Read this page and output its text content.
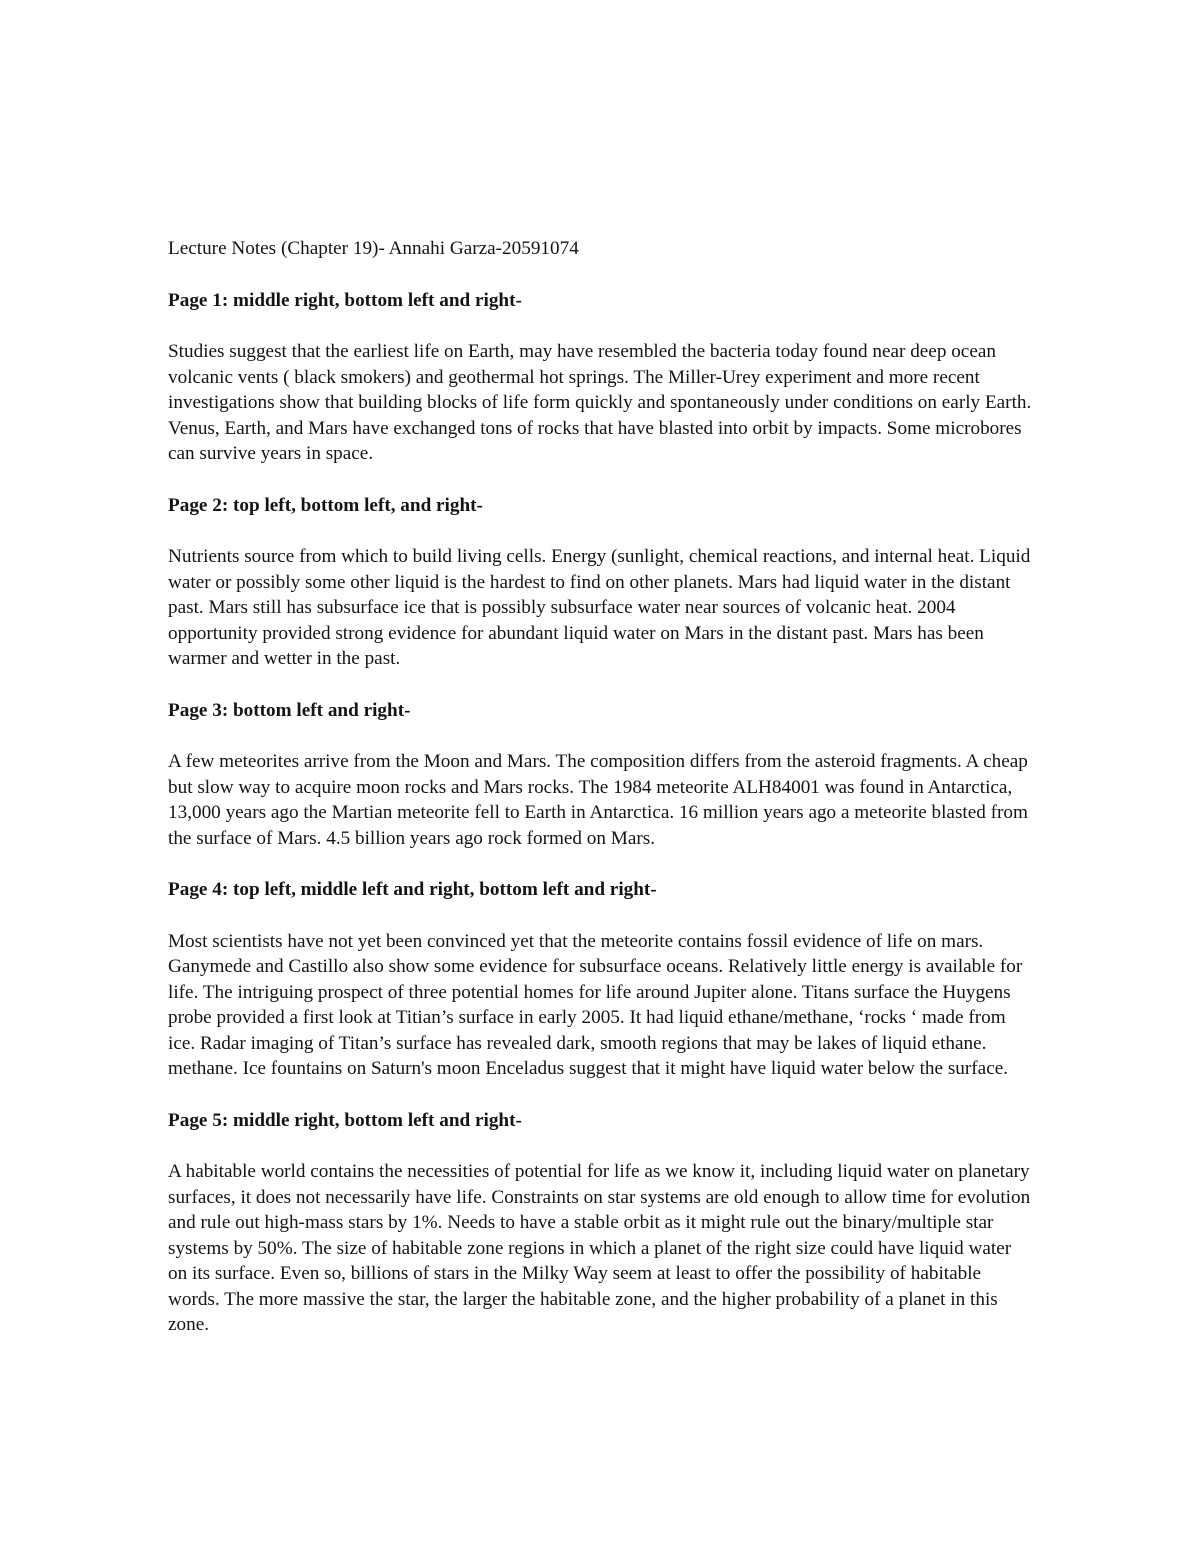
Lecture Notes (Chapter 19)- Annahi Garza-20591074

Page 1: middle right, bottom left and right-

Studies suggest that the earliest life on Earth, may have resembled the bacteria today found near deep ocean volcanic vents ( black smokers) and geothermal hot springs. The Miller-Urey experiment and more recent investigations show that building blocks of life form quickly and spontaneously under conditions on early Earth. Venus, Earth, and Mars have exchanged tons of rocks that have blasted into orbit by impacts. Some microbores can survive years in space.

Page 2: top left, bottom left, and right-

Nutrients source from which to build living cells. Energy (sunlight, chemical reactions, and internal heat. Liquid water or possibly some other liquid is the hardest to find on other planets. Mars had liquid water in the distant past. Mars still has subsurface ice that is possibly subsurface water near sources of volcanic heat. 2004 opportunity provided strong evidence for abundant liquid water on Mars in the distant past. Mars has been warmer and wetter in the past.

Page 3: bottom left and right-

A few meteorites arrive from the Moon and Mars. The composition differs from the asteroid fragments. A cheap but slow way to acquire moon rocks and Mars rocks. The 1984 meteorite ALH84001 was found in Antarctica, 13,000 years ago the Martian meteorite fell to Earth in Antarctica. 16 million years ago a meteorite blasted from the surface of Mars. 4.5 billion years ago rock formed on Mars.

Page 4: top left, middle left and right, bottom left and right-

Most scientists have not yet been convinced yet that the meteorite contains fossil evidence of life on mars. Ganymede and Castillo also show some evidence for subsurface oceans. Relatively little energy is available for life. The intriguing prospect of three potential homes for life around Jupiter alone. Titans surface the Huygens probe provided a first look at Titian’s surface in early 2005. It had liquid ethane/methane, ‘rocks ‘ made from ice. Radar imaging of Titan’s surface has revealed dark, smooth regions that may be lakes of liquid ethane. methane. Ice fountains on Saturn's moon Enceladus suggest that it might have liquid water below the surface.

Page 5: middle right, bottom left and right-

A habitable world contains the necessities of potential for life as we know it, including liquid water on planetary surfaces, it does not necessarily have life. Constraints on star systems are old enough to allow time for evolution and rule out high-mass stars by 1%. Needs to have a stable orbit as it might rule out the binary/multiple star systems by 50%. The size of habitable zone regions in which a planet of the right size could have liquid water on its surface. Even so, billions of stars in the Milky Way seem at least to offer the possibility of habitable words. The more massive the star, the larger the habitable zone, and the higher probability of a planet in this zone.
